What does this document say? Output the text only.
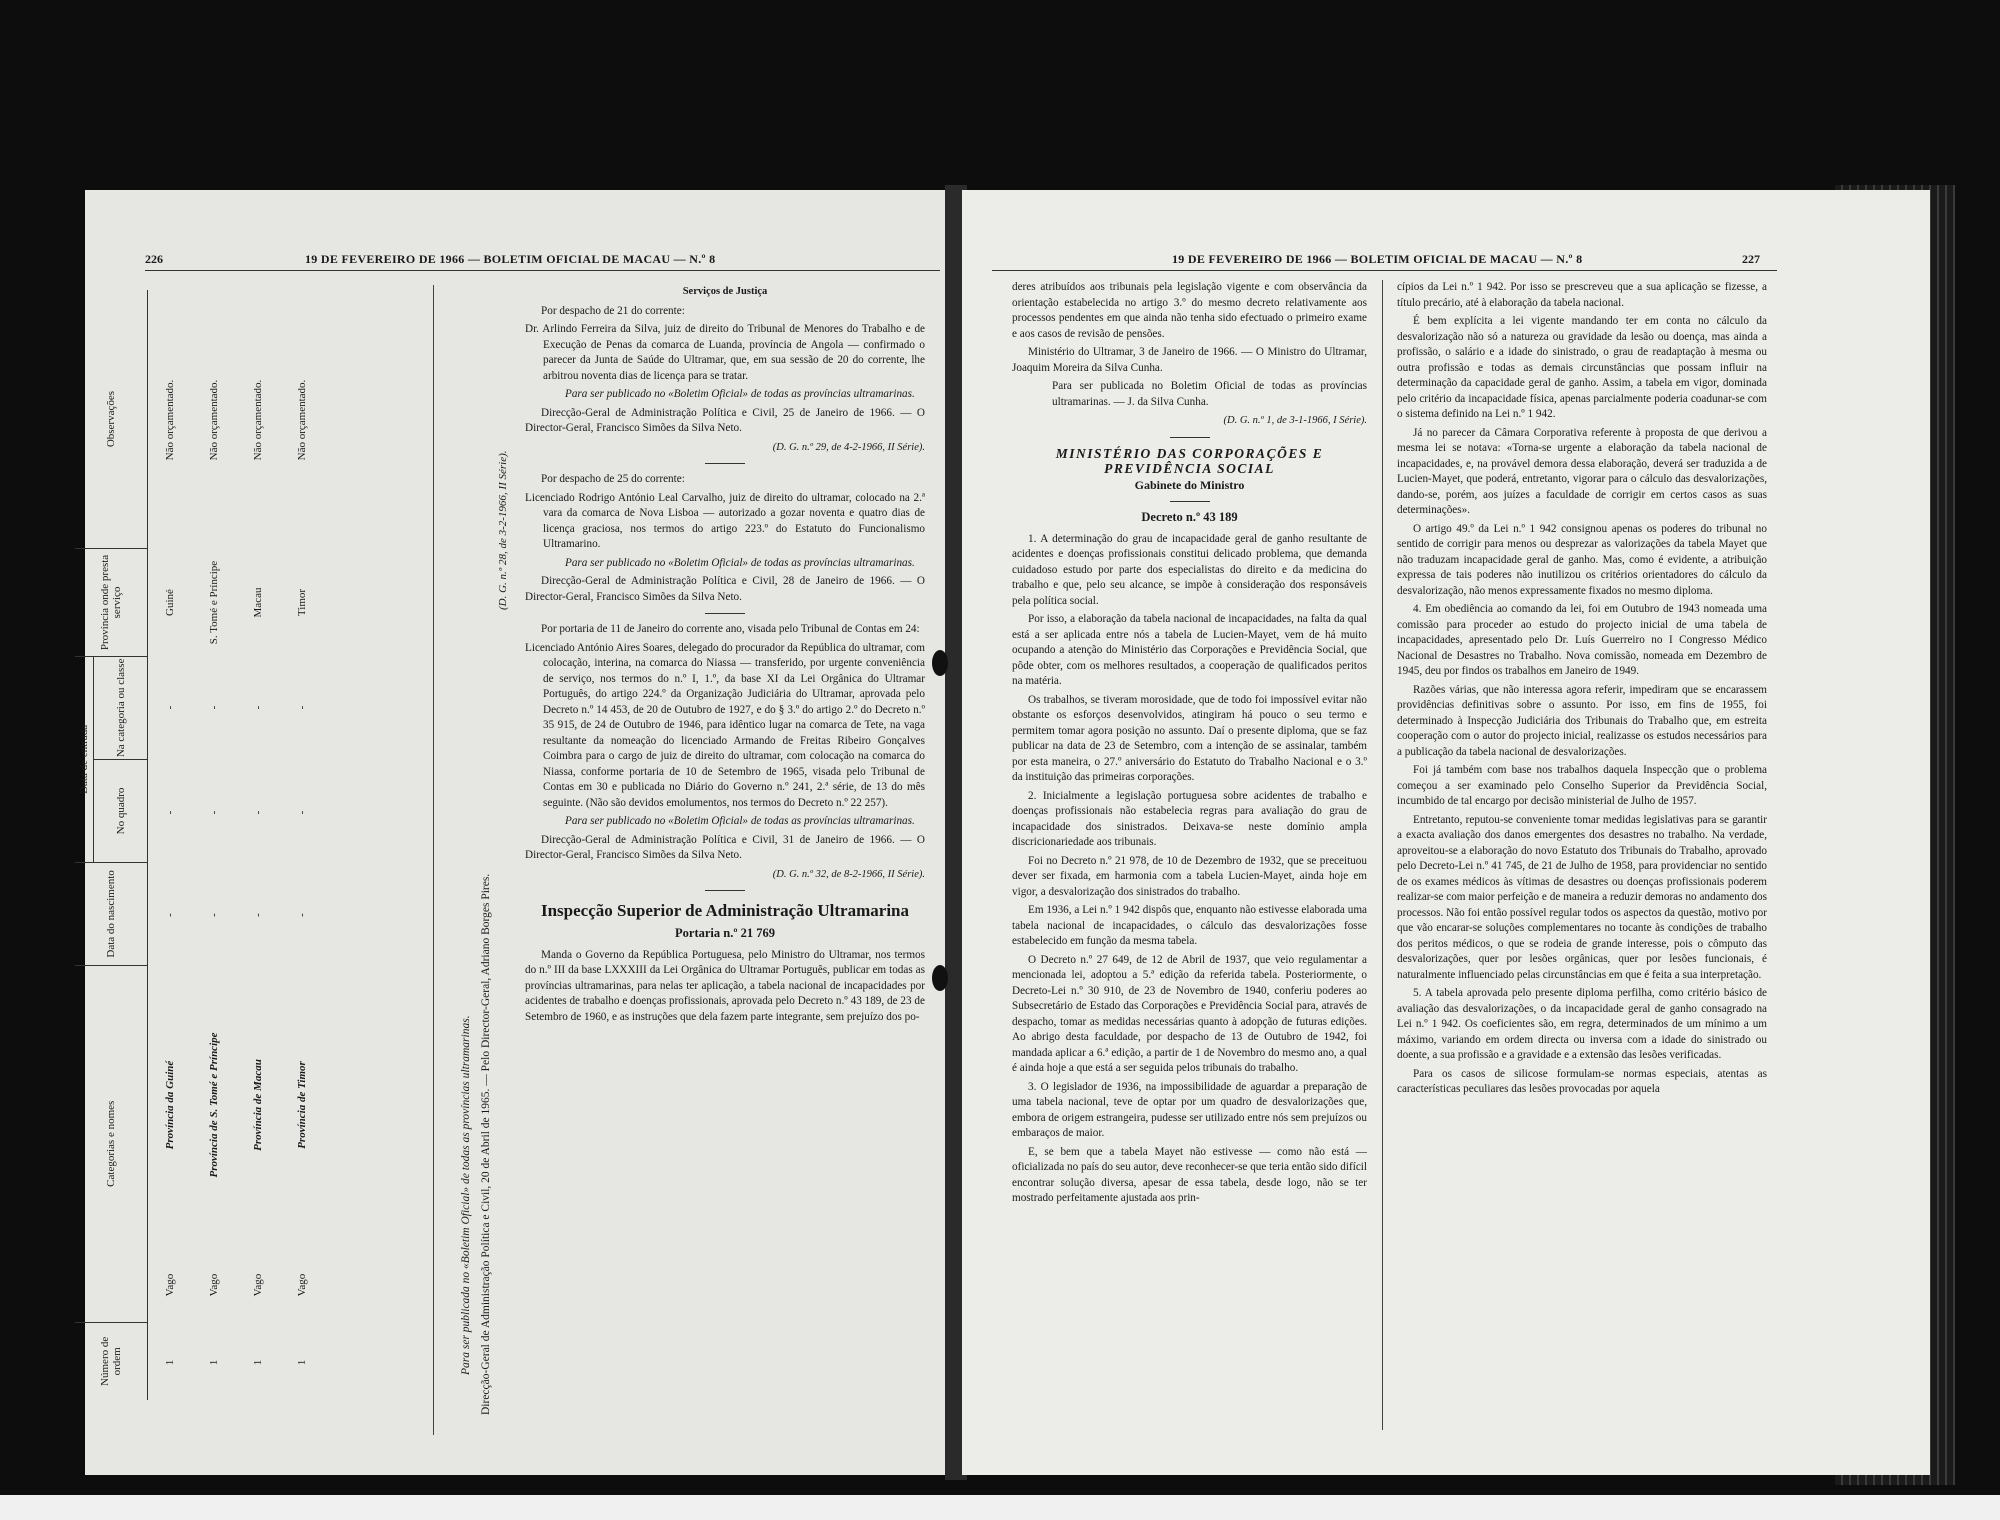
226	19 DE FEVEREIRO DE 1966 — BOLETIM OFICIAL DE MACAU — N.º 8
Número de ordem
Categorias e nomes
Data do nascimento
Data de entrada
No quadro
Na categoria ou classe
Província onde presta serviço
Observações
1
Vago
Província da Guiné
-
-
-
Guiné
Não orçamentado.
1
Vago
Província de S. Tomé e Príncipe
-
-
-
S. Tomé e Príncipe
Não orçamentado.
1
Vago
Província de Macau
-
-
-
Macau
Não orçamentado.
1
Vago
Província de Timor
-
-
-
Timor
Não orçamentado.
Para ser publicada no «Boletim Oficial» de todas as províncias ultramarinas. Direcção-Geral de Administração Política e Civil, 20 de Abril de 1965. — Pelo Director-Geral, Adriano Borges Pires.
(D. G. n.º 28, de 3-2-1966, II Série).
Serviços de Justiça

Por despacho de 21 do corrente:

Dr. Arlindo Ferreira da Silva, juiz de direito do Tribunal de Menores do Trabalho e de Execução de Penas da comarca de Luanda, província de Angola — confirmado o parecer da Junta de Saúde do Ultramar, que, em sua sessão de 20 do corrente, lhe arbitrou noventa dias de licença para se tratar.

Para ser publicado no «Boletim Oficial» de todas as províncias ultramarinas.

Direcção-Geral de Administração Política e Civil, 25 de Janeiro de 1966. — O Director-Geral, Francisco Simões da Silva Neto.

(D. G. n.º 29, de 4-2-1966, II Série).

Por despacho de 25 do corrente:

Licenciado Rodrigo António Leal Carvalho, juiz de direito do ultramar, colocado na 2.ª vara da comarca de Nova Lisboa — autorizado a gozar noventa e quatro dias de licença graciosa, nos termos do artigo 223.º do Estatuto do Funcionalismo Ultramarino.

Para ser publicado no «Boletim Oficial» de todas as províncias ultramarinas.

Direcção-Geral de Administração Política e Civil, 28 de Janeiro de 1966. — O Director-Geral, Francisco Simões da Silva Neto.

Por portaria de 11 de Janeiro do corrente ano, visada pelo Tribunal de Contas em 24:

Licenciado António Aires Soares, delegado do procurador da República do ultramar, com colocação, interina, na comarca do Niassa — transferido, por urgente conveniência de serviço, nos termos do n.º I, 1.º, da base XI da Lei Orgânica do Ultramar Português, do artigo 224.º da Organização Judiciária do Ultramar, aprovada pelo Decreto n.º 14 453, de 20 de Outubro de 1927, e do § 3.º do artigo 2.º do Decreto n.º 35 915, de 24 de Outubro de 1946, para idêntico lugar na comarca de Tete, na vaga resultante da nomeação do licenciado Armando de Freitas Ribeiro Gonçalves Coimbra para o cargo de juiz de direito do ultramar, com colocação na comarca do Niassa, conforme portaria de 10 de Setembro de 1965, visada pelo Tribunal de Contas em 30 e publicada no Diário do Governo n.º 241, 2.ª série, de 13 do mês seguinte. (Não são devidos emolumentos, nos termos do Decreto n.º 22 257).

Para ser publicado no «Boletim Oficial» de todas as províncias ultramarinas.

Direcção-Geral de Administração Política e Civil, 31 de Janeiro de 1966. — O Director-Geral, Francisco Simões da Silva Neto.

(D. G. n.º 32, de 8-2-1966, II Série).

Inspecção Superior de Administração Ultramarina
Portaria n.º 21 769

Manda o Governo da República Portuguesa, pelo Ministro do Ultramar, nos termos do n.º III da base LXXXIII da Lei Orgânica do Ultramar Português, publicar em todas as províncias ultramarinas, para nelas ter aplicação, a tabela nacional de incapacidades por acidentes de trabalho e doenças profissionais, aprovada pelo Decreto n.º 43 189, de 23 de Setembro de 1960, e as instruções que dela fazem parte integrante, sem prejuízo dos po-

19 DE FEVEREIRO DE 1966 — BOLETIM OFICIAL DE MACAU — N.º 8	227

deres atribuídos aos tribunais pela legislação vigente e com observância da orientação estabelecida no artigo 3.º do mesmo decreto relativamente aos processos pendentes em que ainda não tenha sido efectuado o primeiro exame e aos casos de revisão de pensões.

Ministério do Ultramar, 3 de Janeiro de 1966. — O Ministro do Ultramar, Joaquim Moreira da Silva Cunha.

Para ser publicada no Boletim Oficial de todas as províncias ultramarinas. — J. da Silva Cunha.

(D. G. n.º 1, de 3-1-1966, I Série).

MINISTÉRIO DAS CORPORAÇÕES E PREVIDÊNCIA SOCIAL
Gabinete do Ministro
Decreto n.º 43 189

1. A determinação do grau de incapacidade geral de ganho resultante de acidentes e doenças profissionais constitui delicado problema, que demanda cuidadoso estudo por parte dos especialistas do direito e da medicina do trabalho e que, pelo seu alcance, se impõe à consideração dos responsáveis pela política social.

Por isso, a elaboração da tabela nacional de incapacidades, na falta da qual está a ser aplicada entre nós a tabela de Lucien-Mayet, vem de há muito ocupando a atenção do Ministério das Corporações e Previdência Social, que pôde obter, com os melhores resultados, a cooperação de qualificados peritos na matéria.

Os trabalhos, se tiveram morosidade, que de todo foi impossível evitar não obstante os esforços desenvolvidos, atingiram há pouco o seu termo e permitem tomar agora posição no assunto. Daí o presente diploma, que se faz publicar na data de 23 de Setembro, com a intenção de se assinalar, também por esta maneira, o 27.º aniversário do Estatuto do Trabalho Nacional e o 3.º da instituição das primeiras corporações.

2. Inicialmente a legislação portuguesa sobre acidentes de trabalho e doenças profissionais não estabelecia regras para avaliação do grau de incapacidade dos sinistrados. Deixava-se neste domínio ampla discricionariedade aos tribunais.

Foi no Decreto n.º 21 978, de 10 de Dezembro de 1932, que se preceituou dever ser fixada, em harmonia com a tabela Lucien-Mayet, ainda hoje em vigor, a desvalorização dos sinistrados do trabalho.

Em 1936, a Lei n.º 1 942 dispôs que, enquanto não estivesse elaborada uma tabela nacional de incapacidades, o cálculo das desvalorizações fosse estabelecido em função da mesma tabela.

O Decreto n.º 27 649, de 12 de Abril de 1937, que veio regulamentar a mencionada lei, adoptou a 5.ª edição da referida tabela. Posteriormente, o Decreto-Lei n.º 30 910, de 23 de Novembro de 1940, conferiu poderes ao Subsecretário de Estado das Corporações e Previdência Social para, através de despacho, tomar as medidas necessárias quanto à adopção de futuras edições. Ao abrigo desta faculdade, por despacho de 13 de Outubro de 1942, foi mandada aplicar a 6.ª edição, a partir de 1 de Novembro do mesmo ano, a qual é ainda hoje a que está a ser seguida pelos tribunais do trabalho.

3. O legislador de 1936, na impossibilidade de aguardar a preparação de uma tabela nacional, teve de optar por um quadro de desvalorizações que, embora de origem estrangeira, pudesse ser utilizado entre nós sem prejuízos ou embaraços de maior.

E, se bem que a tabela Mayet não estivesse — como não está — oficializada no país do seu autor, deve reconhecer-se que teria então sido difícil encontrar solução diversa, apesar de essa tabela, desde logo, não se ter mostrado perfeitamente ajustada aos prin-

cípios da Lei n.º 1 942. Por isso se prescreveu que a sua aplicação se fizesse, a título precário, até à elaboração da tabela nacional.

É bem explícita a lei vigente mandando ter em conta no cálculo da desvalorização não só a natureza ou gravidade da lesão ou doença, mas ainda a profissão, o salário e a idade do sinistrado, o grau de readaptação à mesma ou outra profissão e todas as demais circunstâncias que possam influir na determinação da capacidade geral de ganho. Assim, a tabela em vigor, dominada pelo critério da incapacidade física, apenas parcialmente poderia coadunar-se com o sistema definido na Lei n.º 1 942.

Já no parecer da Câmara Corporativa referente à proposta de que derivou a mesma lei se notava: «Torna-se urgente a elaboração da tabela nacional de incapacidades, e, na provável demora dessa elaboração, deverá ser traduzida a de Lucien-Mayet, que poderá, entretanto, vigorar para o cálculo das desvalorizações, dando-se, porém, aos juízes a faculdade de corrigir em certos casos as suas determinações».

O artigo 49.º da Lei n.º 1 942 consignou apenas os poderes do tribunal no sentido de corrigir para menos ou desprezar as valorizações da tabela Mayet que não traduzam incapacidade geral de ganho. Mas, como é evidente, a atribuição expressa de tais poderes não inutilizou os critérios orientadores do cálculo da desvalorização, não menos expressamente fixados no mesmo diploma.

4. Em obediência ao comando da lei, foi em Outubro de 1943 nomeada uma comissão para proceder ao estudo do projecto inicial de uma tabela de incapacidades, apresentado pelo Dr. Luís Guerreiro no I Congresso Médico Nacional de Desastres no Trabalho. Nova comissão, nomeada em Dezembro de 1945, deu por findos os trabalhos em Janeiro de 1949.

Razões várias, que não interessa agora referir, impediram que se encarassem providências definitivas sobre o assunto. Por isso, em fins de 1955, foi determinado à Inspecção Judiciária dos Tribunais do Trabalho que, em estreita cooperação com o autor do projecto inicial, realizasse os estudos necessários para a publicação da tabela nacional de desvalorizações.

Foi já também com base nos trabalhos daquela Inspecção que o problema começou a ser examinado pelo Conselho Superior da Previdência Social, incumbido de tal encargo por decisão ministerial de Julho de 1957.

Entretanto, reputou-se conveniente tomar medidas legislativas para se garantir a exacta avaliação dos danos emergentes dos desastres no trabalho. Na verdade, aproveitou-se a elaboração do novo Estatuto dos Tribunais do Trabalho, aprovado pelo Decreto-Lei n.º 41 745, de 21 de Julho de 1958, para providenciar no sentido de os exames médicos às vítimas de desastres ou doenças profissionais poderem realizar-se com maior perfeição e de maneira a reduzir demoras no andamento dos processos. Não foi então possível regular todos os aspectos da questão, motivo por que vão encarar-se soluções complementares no tocante às condições de trabalho dos peritos médicos, o que se rodeia de grande interesse, pois o cômputo das desvalorizações, quer por lesões orgânicas, quer por lesões funcionais, é naturalmente influenciado pelas circunstâncias em que é feita a sua interpretação.

5. A tabela aprovada pelo presente diploma perfilha, como critério básico de avaliação das desvalorizações, o da incapacidade geral de ganho consagrado na Lei n.º 1 942. Os coeficientes são, em regra, determinados de um mínimo a um máximo, variando em ordem directa ou inversa com a idade do sinistrado ou doente, a sua profissão e a gravidade e a extensão das lesões verificadas.

Para os casos de silicose formulam-se normas especiais, atentas as características peculiares das lesões provocadas por aquela
